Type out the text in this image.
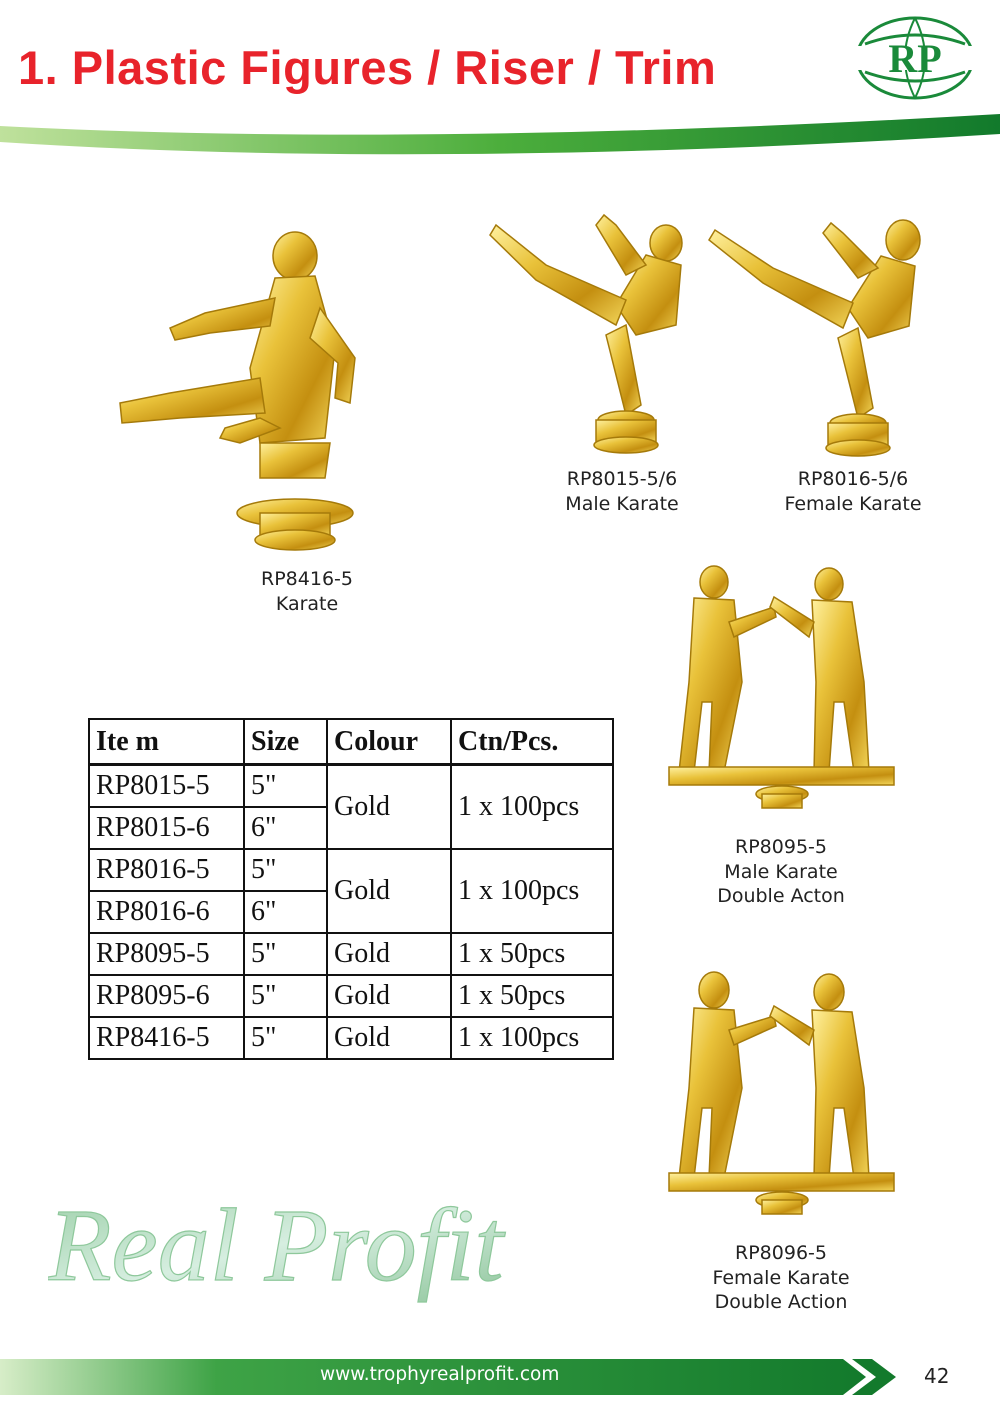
1. Plastic Figures / Riser / Trim	RP
RP8416-5
Karate
RP8015-5/6
Male Karate
RP8016-5/6
Female Karate
RP8095-5
Male Karate
Double Acton
RP8096-5
Female Karate
Double Action
Ite m	Size	Colour	Ctn/Pcs.
RP8015-5	5"	Gold	1 x 100pcs
RP8015-6	6"		
RP8016-5	5"	Gold	1 x 100pcs
RP8016-6	6"		
RP8095-5	5"	Gold	1 x 50pcs
RP8095-6	5"	Gold	1 x 50pcs
RP8416-5	5"	Gold	1 x 100pcs
Real Profit
www.trophyrealprofit.com	42
